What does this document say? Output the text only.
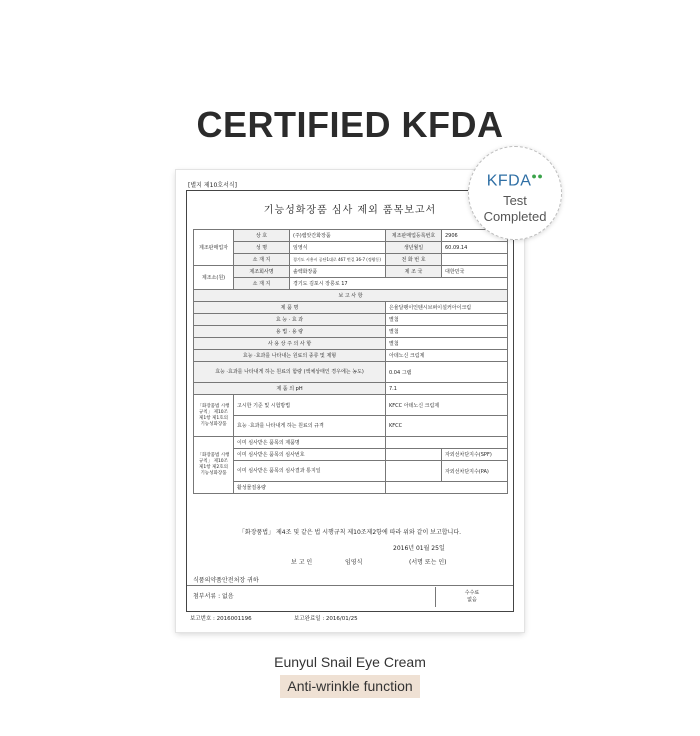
CERTIFIED KFDA
[별지 제10호서식]
기능성화장품 심사 제외 품목보고서
제조판매업자	상 호	(주)렘앗간화장품	제조판매업등록번호	2906
	성 명	임영식	생년월일	60.09.14
	소 재 지	경기도 시흥시 공단1대로 467 번길 36-7 (정왕동)	전 화 번 호	
제조소(원)	제조회사명	솔렉화장품	제 조 국	대한민국
	소 재 지	경기도 김포시 장릉로 17		
보 고 사 항				
제 품 명			은율달팽이인텐시브퍼이설커아이크림	
효 능 · 효 과			별첨	
용 법 · 용 량			별첨	
사 용 상 주 의 사 항			별첨	
효능 ·효과를 나타내는 원료의 종류 및 제형			아데노신 크림제	
효능 ·효과를 나타내게 하는 원료의 함량 (액체상태인 경우에는 농도)			0.04 그램	
제 품 의 pH			7.1	
「화장품법 시행규칙」 제10조제1항 제1호의 기능성화장품	고시한 기준 및 시험방법		KFCC 아데노신 크림제	
	효능 ·효과를 나타내게 하는 원료의 규격		KFCC	
「화장품법 시행규칙」 제10조제1항 제2호의 기능성화장품	이미 심사받은 품목의 제품명			
	이미 심사받은 품목의 심사번호			자외선차단지수(SPF)
	이미 심사받은 품목의 심사결과 통지일			자외선차단지수(PA)
	활성물질용량			
「화장품법」 제4조 및 같은 법 시행규칙 제10조제2항에 따라 위와 같이 보고합니다.
2016년 01월 25일
보 고 인	임영식	(서명 또는 인)
식품의약품안전처장 귀하
첨부서류 : 없음	수수료
없음
보고번호 : 2016001196	보고완료일 : 2016/01/25
KFDA●●
Test
Completed
Eunyul Snail Eye Cream
Anti-wrinkle function
